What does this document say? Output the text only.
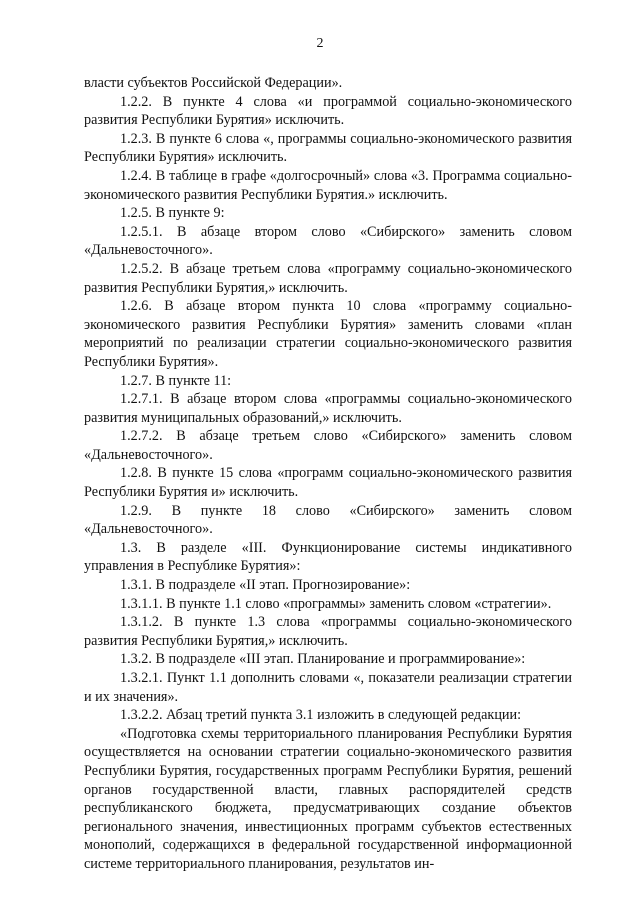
2

власти субъектов Российской Федерации».

1.2.2. В пункте 4 слова «и программой социально-экономического развития Республики Бурятия» исключить.

1.2.3. В пункте 6 слова «, программы социально-экономического развития Республики Бурятия» исключить.

1.2.4. В таблице в графе «долгосрочный» слова «3. Программа социально-экономического развития Республики Бурятия.» исключить.

1.2.5. В пункте 9:

1.2.5.1. В абзаце втором слово «Сибирского» заменить словом «Дальневосточного».

1.2.5.2. В абзаце третьем слова «программу социально-экономического развития Республики Бурятия,» исключить.

1.2.6. В абзаце втором пункта 10 слова «программу социально-экономического развития Республики Бурятия» заменить словами «план мероприятий по реализации стратегии социально-экономического развития Республики Бурятия».

1.2.7. В пункте 11:

1.2.7.1. В абзаце втором слова «программы социально-экономического развития муниципальных образований,» исключить.

1.2.7.2. В абзаце третьем слово «Сибирского» заменить словом «Дальневосточного».

1.2.8. В пункте 15 слова «программ социально-экономического развития Республики Бурятия и» исключить.

1.2.9. В пункте 18 слово «Сибирского» заменить словом «Дальневосточного».

1.3. В разделе «III. Функционирование системы индикативного управления в Республике Бурятия»:

1.3.1. В подразделе «II этап. Прогнозирование»:

1.3.1.1. В пункте 1.1 слово «программы» заменить словом «стратегии».

1.3.1.2. В пункте 1.3 слова «программы социально-экономического развития Республики Бурятия,» исключить.

1.3.2. В подразделе «III этап. Планирование и программирование»:

1.3.2.1. Пункт 1.1 дополнить словами «, показатели реализации стратегии и их значения».

1.3.2.2. Абзац третий пункта 3.1 изложить в следующей редакции:

«Подготовка схемы территориального планирования Республики Бурятия осуществляется на основании стратегии социально-экономического развития Республики Бурятия, государственных программ Республики Бурятия, решений органов государственной власти, главных распорядителей средств республиканского бюджета, предусматривающих создание объектов регионального значения, инвестиционных программ субъектов естественных монополий, содержащихся в федеральной государственной информационной системе территориального планирования, результатов ин-
